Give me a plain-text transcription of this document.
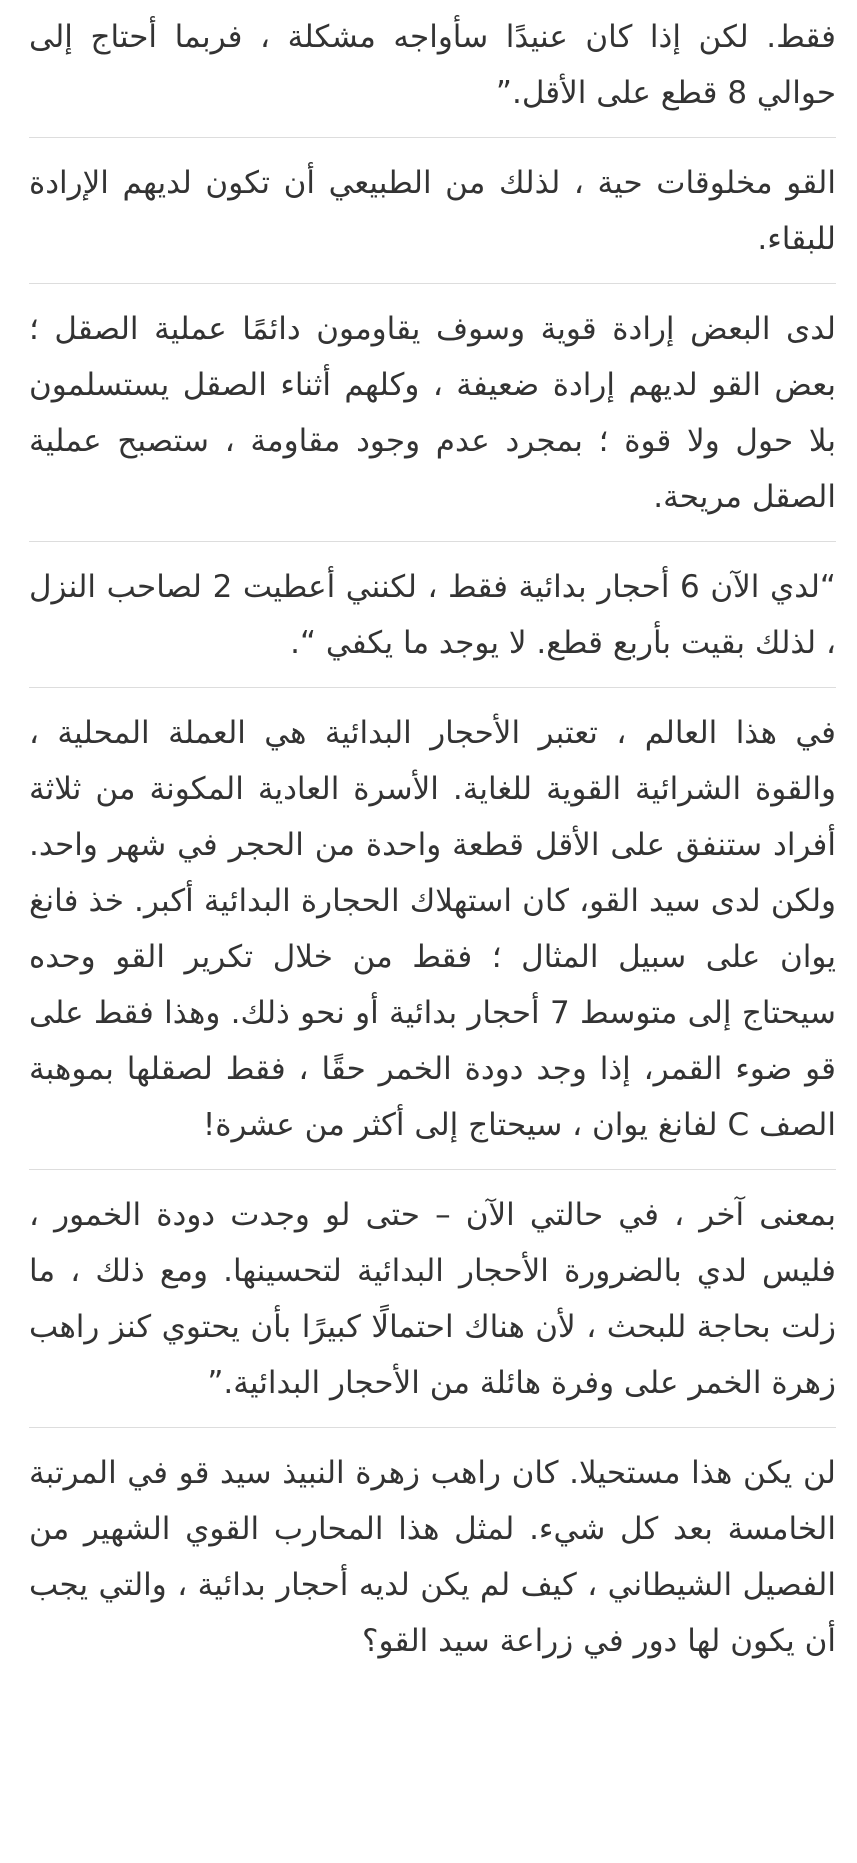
فقط. لكن إذا كان عنيدًا سأواجه مشكلة ، فربما أحتاج إلى حوالي 8 قطع على الأقل.”

القو مخلوقات حية ، لذلك من الطبيعي أن تكون لديهم الإرادة للبقاء.

لدى البعض إرادة قوية وسوف يقاومون دائمًا عملية الصقل ؛ بعض القو لديهم إرادة ضعيفة ، وكلهم أثناء الصقل يستسلمون بلا حول ولا قوة ؛ بمجرد عدم وجود مقاومة ، ستصبح عملية الصقل مريحة.

“لدي الآن 6 أحجار بدائية فقط ، لكنني أعطيت 2 لصاحب النزل ، لذلك بقيت بأربع قطع. لا يوجد ما يكفي “.

في هذا العالم ، تعتبر الأحجار البدائية هي العملة المحلية ، والقوة الشرائية القوية للغاية. الأسرة العادية المكونة من ثلاثة أفراد ستنفق على الأقل قطعة واحدة من الحجر في شهر واحد. ولكن لدى سيد القو، كان استهلاك الحجارة البدائية أكبر. خذ فانغ يوان على سبيل المثال ؛ فقط من خلال تكرير القو وحده سيحتاج إلى متوسط 7 أحجار بدائية أو نحو ذلك. وهذا فقط على قو ضوء القمر، إذا وجد دودة الخمر حقًا ، فقط لصقلها بموهبة الصف C لفانغ يوان ، سيحتاج إلى أكثر من عشرة!

بمعنى آخر ، في حالتي الآن – حتى لو وجدت دودة الخمور ، فليس لدي بالضرورة الأحجار البدائية لتحسينها. ومع ذلك ، ما زلت بحاجة للبحث ، لأن هناك احتمالًا كبيرًا بأن يحتوي كنز راهب زهرة الخمر على وفرة هائلة من الأحجار البدائية.”

لن يكن هذا مستحيلا. كان راهب زهرة النبيذ سيد قو في المرتبة الخامسة بعد كل شيء. لمثل هذا المحارب القوي الشهير من الفصيل الشيطاني ، كيف لم يكن لديه أحجار بدائية ، والتي يجب أن يكون لها دور في زراعة سيد القو؟
